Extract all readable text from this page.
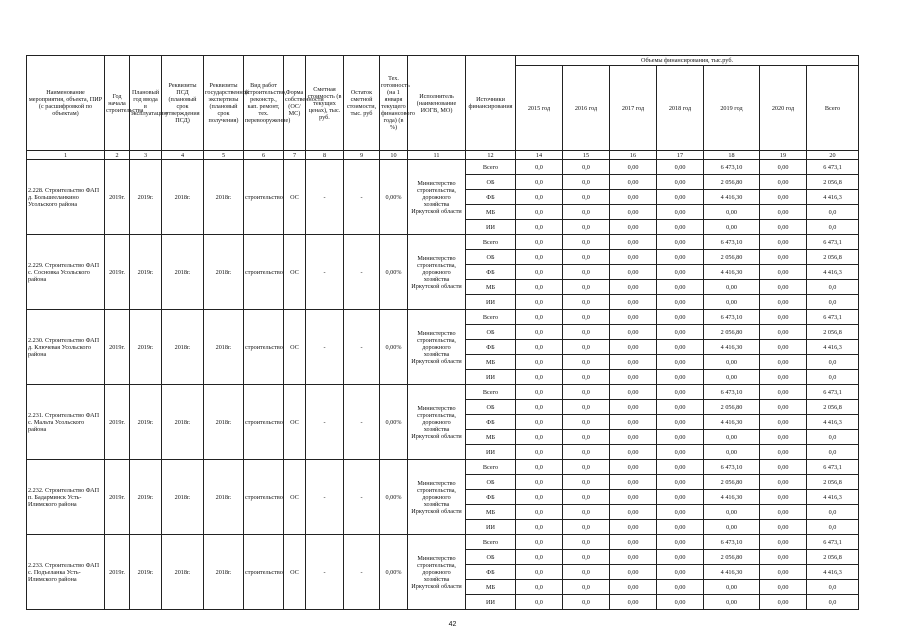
Наименование мероприятия, объекта, ПИР (с расшифровкой по объектам)	Год начала строительства	Плановый год ввода в эксплуатацию	Реквизиты ПСД (плановый срок утверждения ПСД)	Реквизиты государственной экспертизы (плановый срок получения)	Вид работ (строительство, реконстр., кап. ремонт, тех. перевооружение)	Форма собственности (ОС/МС)	Сметная стоимость (в текущих ценах), тыс. руб.	Остаток сметной стоимости, тыс. руб	Тех. готовность (на 1 января текущего финансового года) (в %)	Исполнитель (наименование ИОГВ, МО)	Источники финансирования	Объемы финансирования, тыс.руб.						
												2015 год	2016 год	2017 год	2018 год	2019 год	2020 год	Всего
1	2	3	4	5	6	7	8	9	10	11	12	14	15	16	17	18	19	20
2.228. Строительство ФАП д. Большееланкино Усольского района	2019г.	2019г.	2018г.	2018г.	строительство	ОС	-	-	0,00%	Министерство строительства, дорожного хозяйства Иркутской области	Всего	0,0	0,0	0,00	0,00	6 473,10	0,00	6 473,1
											ОБ	0,0	0,0	0,00	0,00	2 056,80	0,00	2 056,8
											ФБ	0,0	0,0	0,00	0,00	4 416,30	0,00	4 416,3
											МБ	0,0	0,0	0,00	0,00	0,00	0,00	0,0
											ИИ	0,0	0,0	0,00	0,00	0,00	0,00	0,0
2.229. Строительство ФАП с. Сосновка Усольского района	2019г.	2019г.	2018г.	2018г.	строительство	ОС	-	-	0,00%	Министерство строительства, дорожного хозяйства Иркутской области	Всего	0,0	0,0	0,00	0,00	6 473,10	0,00	6 473,1
											ОБ	0,0	0,0	0,00	0,00	2 056,80	0,00	2 056,8
											ФБ	0,0	0,0	0,00	0,00	4 416,30	0,00	4 416,3
											МБ	0,0	0,0	0,00	0,00	0,00	0,00	0,0
											ИИ	0,0	0,0	0,00	0,00	0,00	0,00	0,0
2.230. Строительство ФАП д. Ключевая Усольского района	2019г.	2019г.	2018г.	2018г.	строительство	ОС	-	-	0,00%	Министерство строительства, дорожного хозяйства Иркутской области	Всего	0,0	0,0	0,00	0,00	6 473,10	0,00	6 473,1
											ОБ	0,0	0,0	0,00	0,00	2 056,80	0,00	2 056,8
											ФБ	0,0	0,0	0,00	0,00	4 416,30	0,00	4 416,3
											МБ	0,0	0,0	0,00	0,00	0,00	0,00	0,0
											ИИ	0,0	0,0	0,00	0,00	0,00	0,00	0,0
2.231. Строительство ФАП с. Мальта Усольского района	2019г.	2019г.	2018г.	2018г.	строительство	ОС	-	-	0,00%	Министерство строительства, дорожного хозяйства Иркутской области	Всего	0,0	0,0	0,00	0,00	6 473,10	0,00	6 473,1
											ОБ	0,0	0,0	0,00	0,00	2 056,80	0,00	2 056,8
											ФБ	0,0	0,0	0,00	0,00	4 416,30	0,00	4 416,3
											МБ	0,0	0,0	0,00	0,00	0,00	0,00	0,0
											ИИ	0,0	0,0	0,00	0,00	0,00	0,00	0,0
2.232. Строительство ФАП п. Бадарминск Усть-Илимского района	2019г.	2019г.	2018г.	2018г.	строительство	ОС	-	-	0,00%	Министерство строительства, дорожного хозяйства Иркутской области	Всего	0,0	0,0	0,00	0,00	6 473,10	0,00	6 473,1
											ОБ	0,0	0,0	0,00	0,00	2 056,80	0,00	2 056,8
											ФБ	0,0	0,0	0,00	0,00	4 416,30	0,00	4 416,3
											МБ	0,0	0,0	0,00	0,00	0,00	0,00	0,0
											ИИ	0,0	0,0	0,00	0,00	0,00	0,00	0,0
2.233. Строительство ФАП с. Подъеланка Усть-Илимского района	2019г.	2019г.	2018г.	2018г.	строительство	ОС	-	-	0,00%	Министерство строительства, дорожного хозяйства Иркутской области	Всего	0,0	0,0	0,00	0,00	6 473,10	0,00	6 473,1
											ОБ	0,0	0,0	0,00	0,00	2 056,80	0,00	2 056,8
											ФБ	0,0	0,0	0,00	0,00	4 416,30	0,00	4 416,3
											МБ	0,0	0,0	0,00	0,00	0,00	0,00	0,0
											ИИ	0,0	0,0	0,00	0,00	0,00	0,00	0,0
42
